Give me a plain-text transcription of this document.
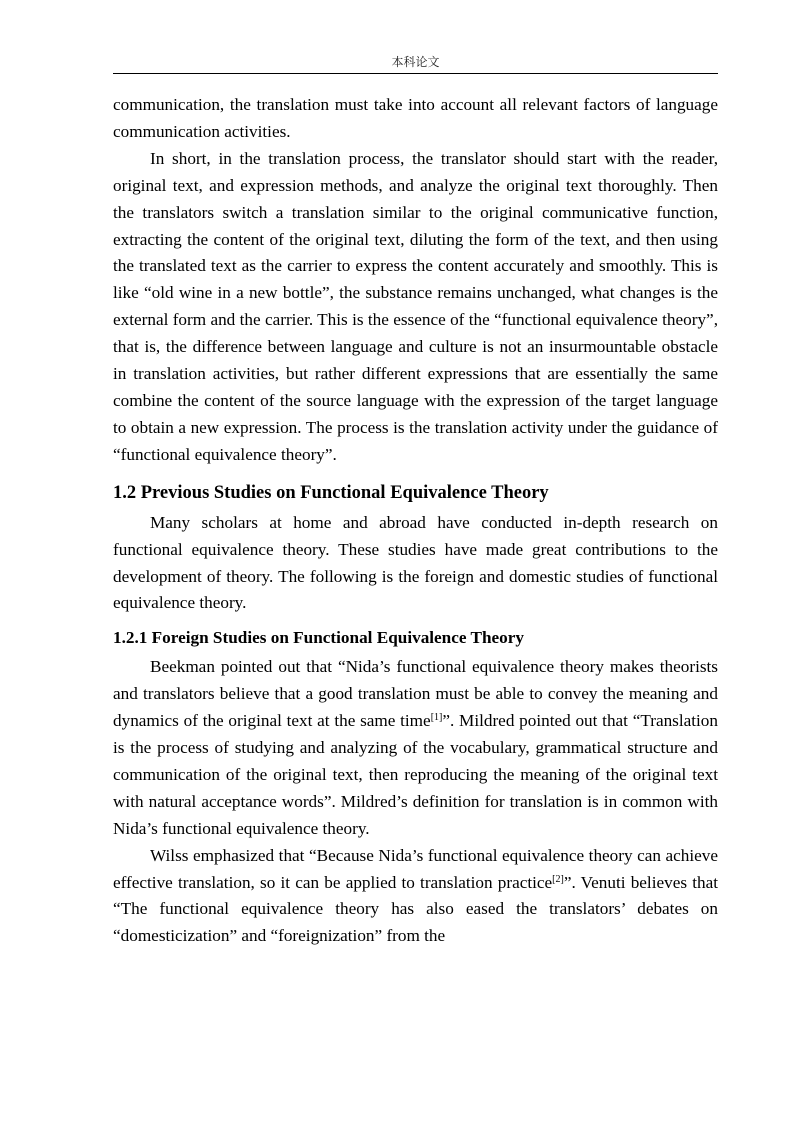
本科论文

communication, the translation must take into account all relevant factors of language communication activities.

In short, in the translation process, the translator should start with the reader, original text, and expression methods, and analyze the original text thoroughly. Then the translators switch a translation similar to the original communicative function, extracting the content of the original text, diluting the form of the text, and then using the translated text as the carrier to express the content accurately and smoothly. This is like “old wine in a new bottle”, the substance remains unchanged, what changes is the external form and the carrier. This is the essence of the “functional equivalence theory”, that is, the difference between language and culture is not an insurmountable obstacle in translation activities, but rather different expressions that are essentially the same combine the content of the source language with the expression of the target language to obtain a new expression. The process is the translation activity under the guidance of “functional equivalence theory”.

1.2 Previous Studies on Functional Equivalence Theory

Many scholars at home and abroad have conducted in-depth research on functional equivalence theory. These studies have made great contributions to the development of theory. The following is the foreign and domestic studies of functional equivalence theory.

1.2.1 Foreign Studies on Functional Equivalence Theory

Beekman pointed out that “Nida’s functional equivalence theory makes theorists and translators believe that a good translation must be able to convey the meaning and dynamics of the original text at the same time[1]”. Mildred pointed out that “Translation is the process of studying and analyzing of the vocabulary, grammatical structure and communication of the original text, then reproducing the meaning of the original text with natural acceptance words”. Mildred’s definition for translation is in common with Nida’s functional equivalence theory.

Wilss emphasized that “Because Nida’s functional equivalence theory can achieve effective translation, so it can be applied to translation practice[2]”. Venuti believes that “The functional equivalence theory has also eased the translators’ debates on “domesticization” and “foreignization” from the
